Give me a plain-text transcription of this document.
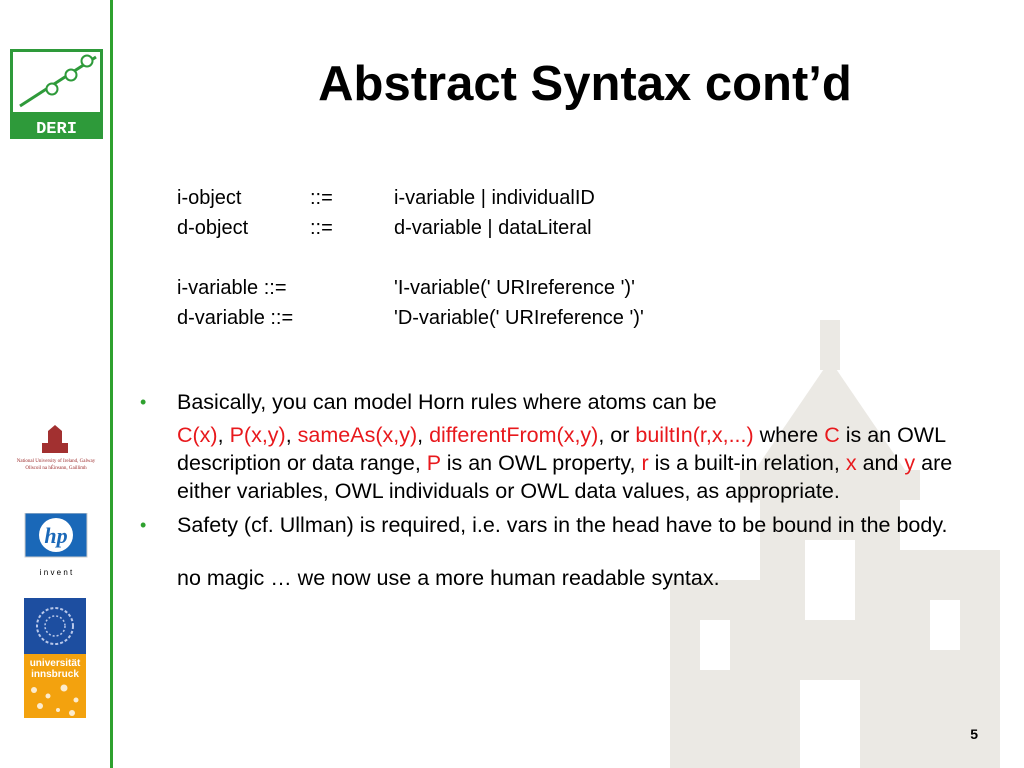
Abstract Syntax cont’d
i-object	::=	i-variable | individualID
d-object	::=	d-variable | dataLiteral
i-variable ::=	'I-variable(' URIreference ')'
d-variable ::=	'D-variable(' URIreference ')'
• Basically, you can model Horn rules where atoms can be
C(x), P(x,y), sameAs(x,y), differentFrom(x,y), or builtIn(r,x,...) where C is an OWL description or data range, P is an OWL property, r is a built-in relation, x and y are either variables, OWL individuals or OWL data values, as appropriate.
• Safety (cf. Ullman) is required, i.e. vars in the head have to be bound in the body.
no magic … we now use a more human readable syntax.
5
DERI
National University of Ireland, Galway
Ollscoil na hÉireann, Gaillimh
hp
i n v e n t
universität
innsbruck
